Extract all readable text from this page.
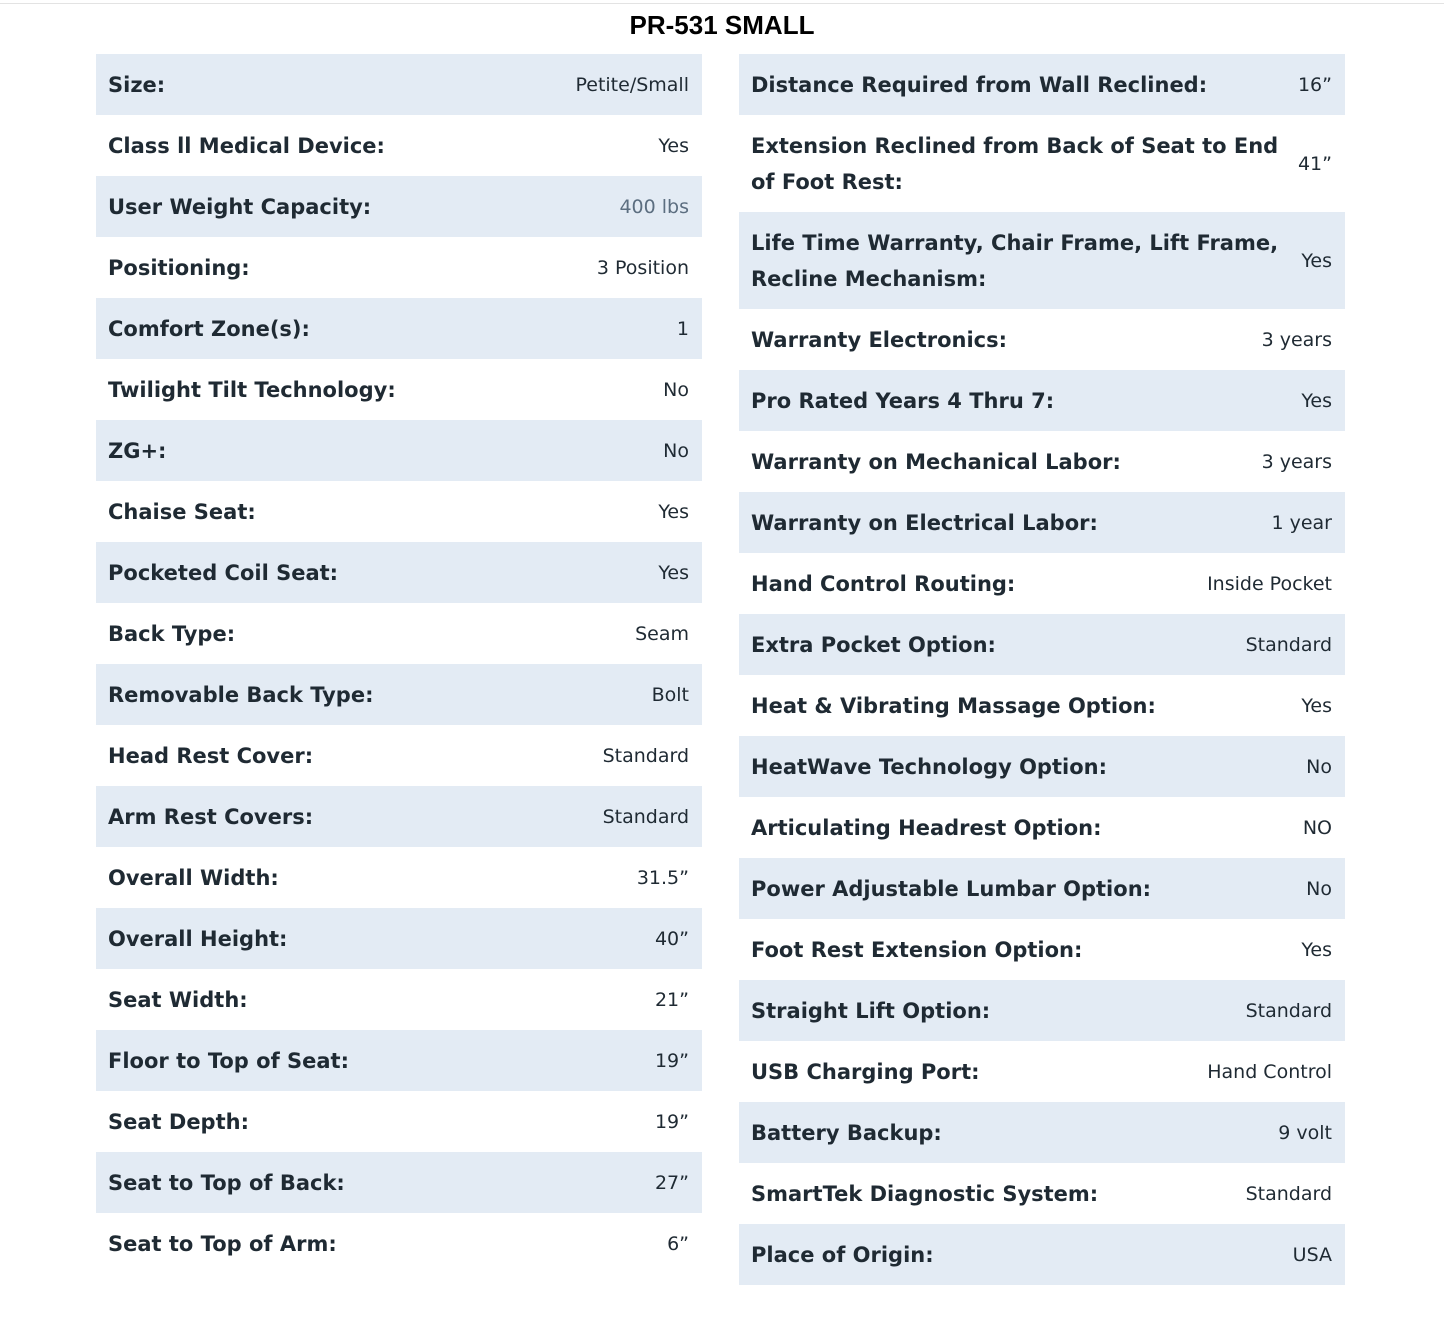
PR-531 SMALL
Size:	Petite/Small
Class ll Medical Device:	Yes
User Weight Capacity:	400 lbs
Positioning:	3 Position
Comfort Zone(s):	1
Twilight Tilt Technology:	No
ZG+:	No
Chaise Seat:	Yes
Pocketed Coil Seat:	Yes
Back Type:	Seam
Removable Back Type:	Bolt
Head Rest Cover:	Standard
Arm Rest Covers:	Standard
Overall Width:	31.5”
Overall Height:	40”
Seat Width:	21”
Floor to Top of Seat:	19”
Seat Depth:	19”
Seat to Top of Back:	27”
Seat to Top of Arm:	6”
Distance Required from Wall Reclined:	16”
Extension Reclined from Back of Seat to End of Foot Rest:
41”
Life Time Warranty, Chair Frame, Lift Frame, Recline Mechanism:
Yes
Warranty Electronics:	3 years
Pro Rated Years 4 Thru 7:	Yes
Warranty on Mechanical Labor:	3 years
Warranty on Electrical Labor:	1 year
Hand Control Routing:	Inside Pocket
Extra Pocket Option:	Standard
Heat & Vibrating Massage Option:	Yes
HeatWave Technology Option:	No
Articulating Headrest Option:	NO
Power Adjustable Lumbar Option:	No
Foot Rest Extension Option:	Yes
Straight Lift Option:	Standard
USB Charging Port:	Hand Control
Battery Backup:	9 volt
SmartTek Diagnostic System:	Standard
Place of Origin:	USA
